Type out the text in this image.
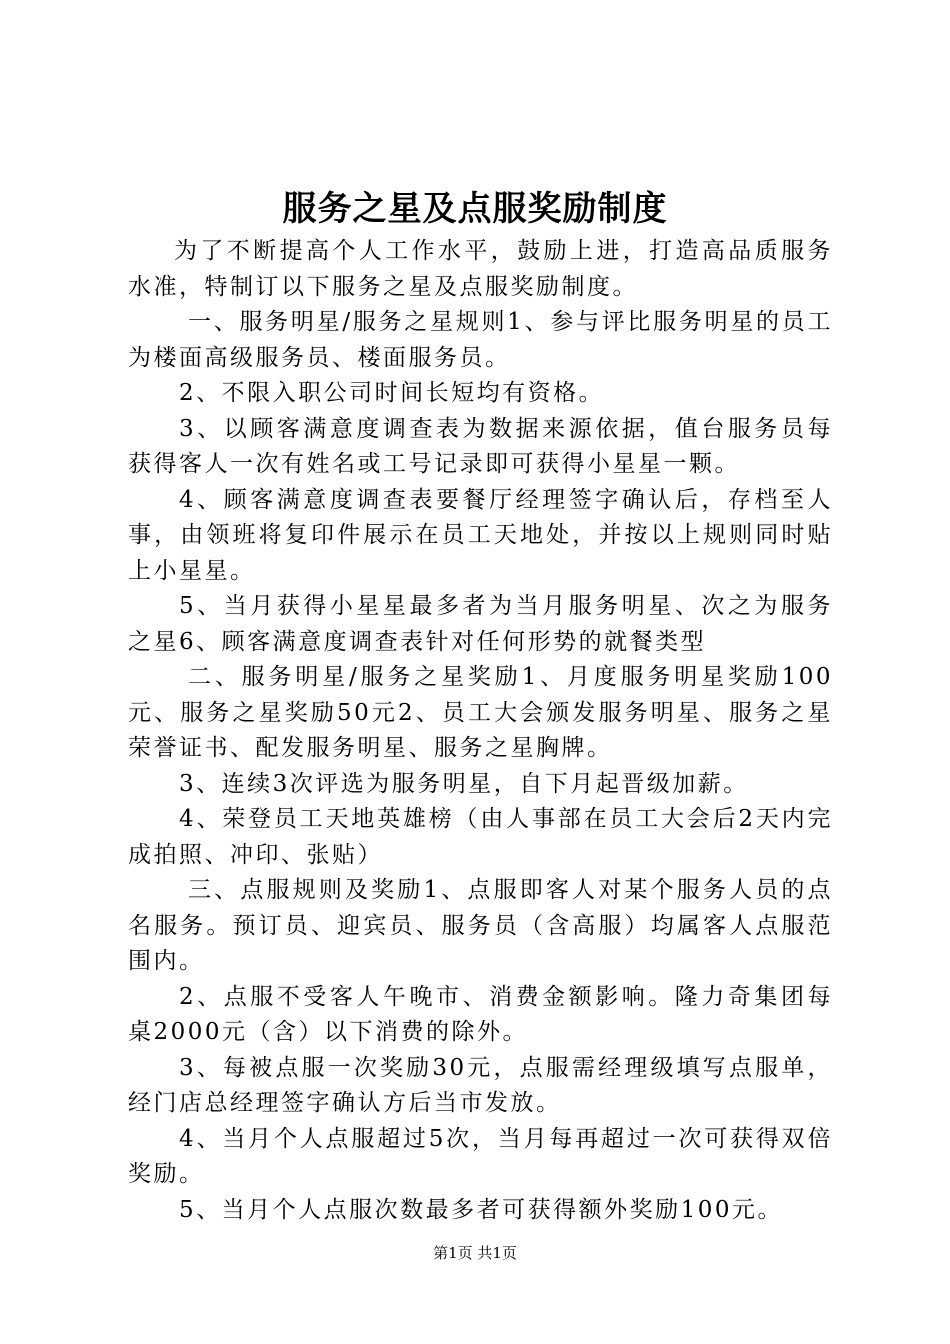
服务之星及点服奖励制度

为了不断提高个人工作水平，鼓励上进，打造高品质服务水准，特制订以下服务之星及点服奖励制度。

一、服务明星/服务之星规则1、参与评比服务明星的员工为楼面高级服务员、楼面服务员。

2、不限入职公司时间长短均有资格。

3、以顾客满意度调查表为数据来源依据，值台服务员每获得客人一次有姓名或工号记录即可获得小星星一颗。

4、顾客满意度调查表要餐厅经理签字确认后，存档至人事，由领班将复印件展示在员工天地处，并按以上规则同时贴上小星星。

5、当月获得小星星最多者为当月服务明星、次之为服务之星6、顾客满意度调查表针对任何形势的就餐类型

二、服务明星/服务之星奖励1、月度服务明星奖励100元、服务之星奖励50元2、员工大会颁发服务明星、服务之星荣誉证书、配发服务明星、服务之星胸牌。

3、连续3次评选为服务明星，自下月起晋级加薪。

4、荣登员工天地英雄榜（由人事部在员工大会后2天内完成拍照、冲印、张贴）

三、点服规则及奖励1、点服即客人对某个服务人员的点名服务。预订员、迎宾员、服务员（含高服）均属客人点服范围内。

2、点服不受客人午晚市、消费金额影响。隆力奇集团每桌2000元（含）以下消费的除外。

3、每被点服一次奖励30元，点服需经理级填写点服单，经门店总经理签字确认方后当市发放。

4、当月个人点服超过5次，当月每再超过一次可获得双倍奖励。

5、当月个人点服次数最多者可获得额外奖励100元。

第1页 共1页
